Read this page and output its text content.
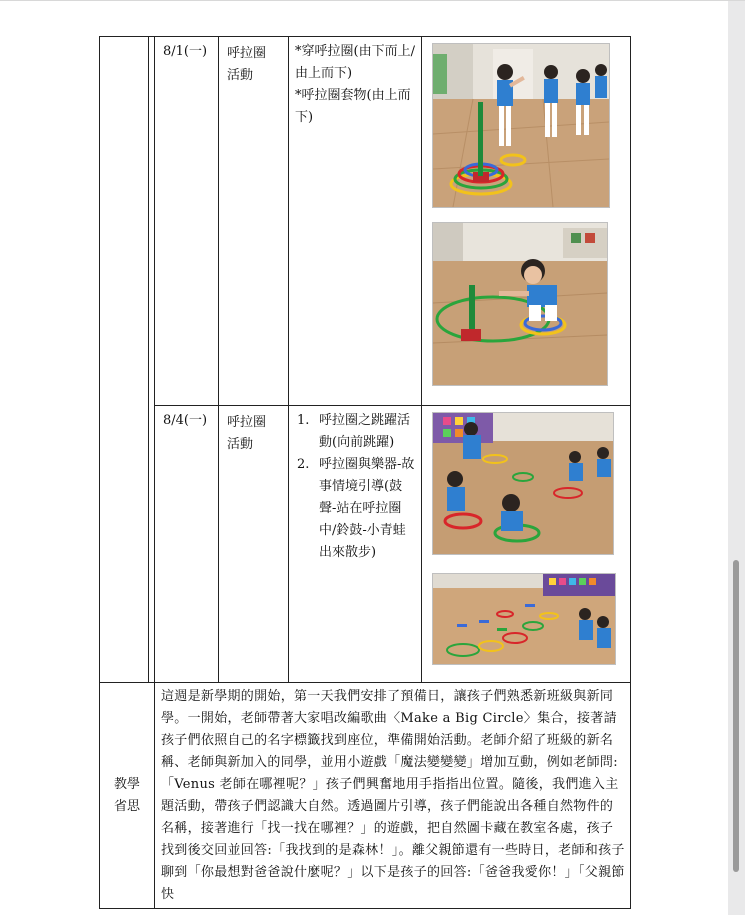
		8/1(一)	呼拉圈活動	*穿呼拉圈(由下而上/由上而下)
*呼拉圈套物(由上而下)

		8/4(一)	呼拉圈活動	1. 呼拉圈之跳躍活動(向前跳躍)
2. 呼拉圈與樂器-故事情境引導(鼓聲-站在呼拉圈中/鈴鼓-小青蛙出來散步)

教學
省思		這週是新學期的開始，第一天我們安排了預備日，讓孩子們熟悉新班級與新同學。一開始，老師帶著大家唱改編歌曲〈Make a Big Circle〉集合，接著請孩子們依照自己的名字標籤找到座位，準備開始活動。老師介紹了班級的新名稱、老師與新加入的同學，並用小遊戲「魔法變變變」增加互動，例如老師問:「Venus 老師在哪裡呢？」孩子們興奮地用手指指出位置。隨後，我們進入主題活動，帶孩子們認識大自然。透過圖片引導，孩子們能說出各種自然物件的名稱，接著進行「找一找在哪裡？」的遊戲，把自然圖卡藏在教室各處，孩子找到後交回並回答:「我找到的是森林！」。離父親節還有一些時日，老師和孩子聊到「你最想對爸爸說什麼呢？」以下是孩子的回答:「爸爸我愛你！」「父親節快			
